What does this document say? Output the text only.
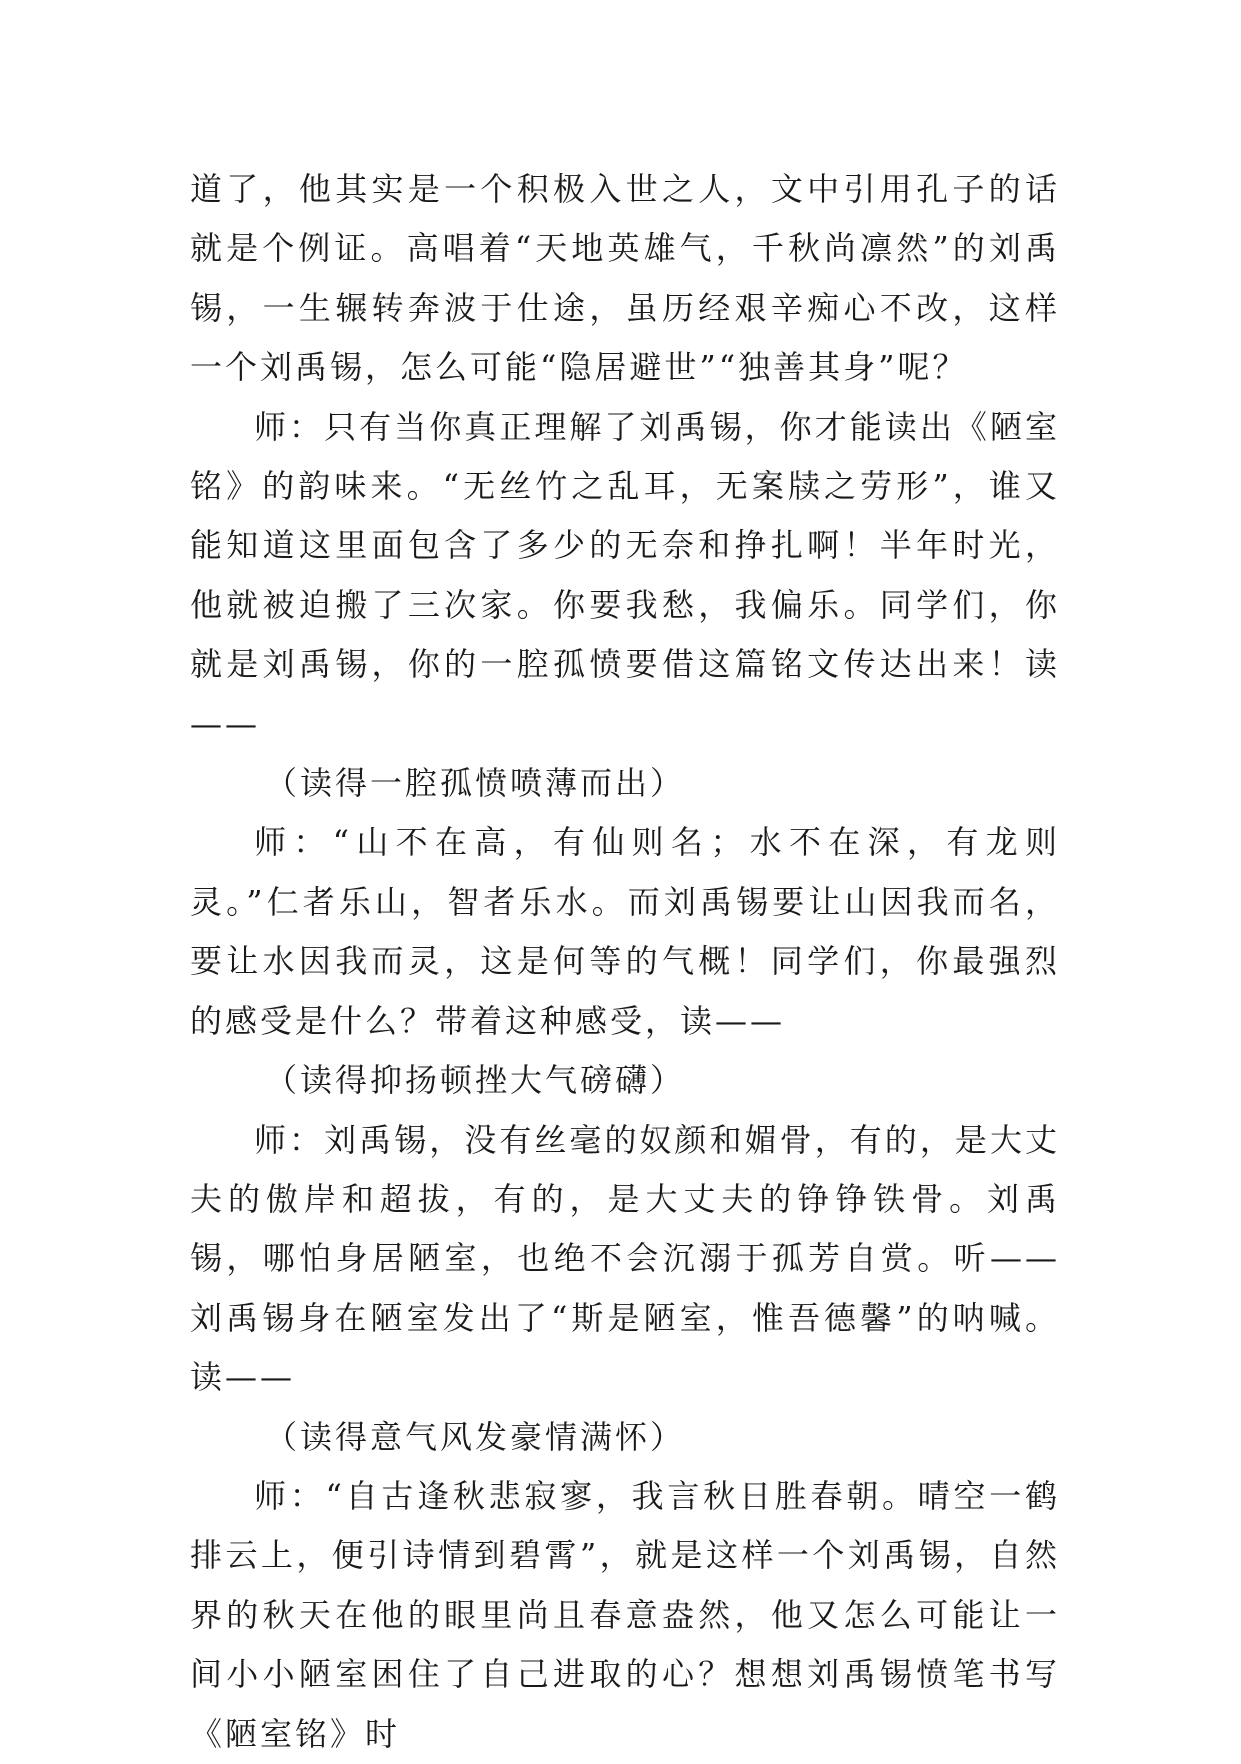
道了，他其实是一个积极入世之人，文中引用孔子的话就是个例证。高唱着“天地英雄气，千秋尚凛然”的刘禹锡，一生辗转奔波于仕途，虽历经艰辛痴心不改，这样一个刘禹锡，怎么可能“隐居避世”“独善其身”呢？

师：只有当你真正理解了刘禹锡，你才能读出《陋室铭》的韵味来。“无丝竹之乱耳，无案牍之劳形”，谁又能知道这里面包含了多少的无奈和挣扎啊！半年时光，他就被迫搬了三次家。你要我愁，我偏乐。同学们，你就是刘禹锡，你的一腔孤愤要借这篇铭文传达出来！读——

（读得一腔孤愤喷薄而出）

师：“山不在高，有仙则名；水不在深，有龙则灵。”仁者乐山，智者乐水。而刘禹锡要让山因我而名，要让水因我而灵，这是何等的气概！同学们，你最强烈的感受是什么？带着这种感受，读——

（读得抑扬顿挫大气磅礴）

师：刘禹锡，没有丝毫的奴颜和媚骨，有的，是大丈夫的傲岸和超拔，有的，是大丈夫的铮铮铁骨。刘禹锡，哪怕身居陋室，也绝不会沉溺于孤芳自赏。听——刘禹锡身在陋室发出了“斯是陋室，惟吾德馨”的呐喊。读——

（读得意气风发豪情满怀）

师：“自古逢秋悲寂寥，我言秋日胜春朝。晴空一鹤排云上，便引诗情到碧霄”，就是这样一个刘禹锡，自然界的秋天在他的眼里尚且春意盎然，他又怎么可能让一间小小陋室困住了自己进取的心？想想刘禹锡愤笔书写《陋室铭》时
